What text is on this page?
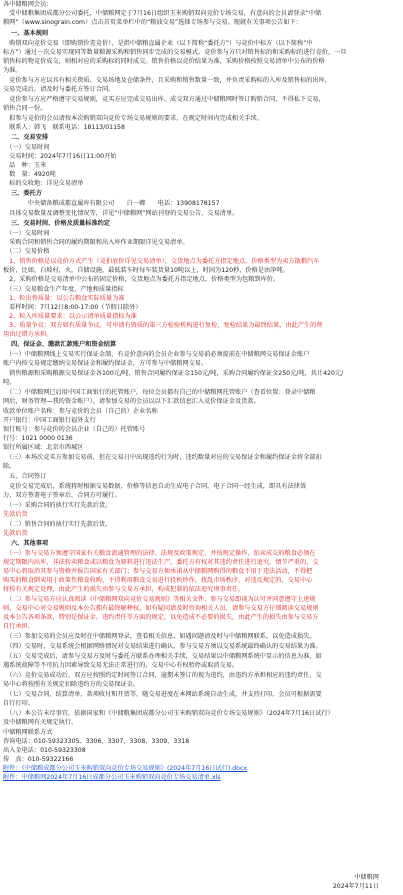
各中储粮网会员：
　受中储粮集团成都分公司委托，中储粮网定于7月16日组织玉米购销双向竞价专场交易，有意向的会员请登录“中储
粮网”（www.sinograin.com）点击首页菜单栏中的“粮油交易”选择专场参与交易。现就有关事项公告如下：
一、基本规则
　购销双向竞价交易（即购销价差竞价），是指中储粮直属企业（以下简称“委托方”）与竞价中标方（以下简称“中
标方”）通过一次交易实现同等数量粮源采购和销售同步完成的交易模式。竞价参与方只对销售标的和采购标的进行竞价，一旦
销售标的物竞价成交，则相对应的采购标的同时成交。销售价格以竞价结果为准，采购价格按照交易清单中公布的价格
为准。
　竞价参与方应以具有相关资质、交易场地及仓储条件，且采购和销售数量一致，并负责采购标的入库及销售标的出库，
交易完成后，请及时与委托方签订合同。
　竞价参与方应严格遵守交易规则，竞买方应完成交易出库，成交双方通过中储粮网时签订购销合同，不得私下交易，
销售合同一份。
　拟参与竞价的会员请按本次购销双向竞价专场交易规则的要求，在规定时间内完成相关手续。
　联系人：韩飞　联系电话：18113/01158
二、交易安排
　（一）交易时间
　交易时间：2024年7月16日11:00开始
　品　种：玉米
　数　量：4920吨
　标的交收地：详见交易清单
三、委托方
　　　　中央储备粮成都直属库有限公司　　白一卿　　电话：13908178157
　具体交易数量及调整变化情况等，详见“中储粮网”网站刊登的交易公告、交易清单。
三、交易时间、价格及质量标准约定
　（一）交易时间
　采购合同和销售合同的履约期限和出入库作业期限详见交易清单。
　（二）交易价格
　1、销售价格是以竞价方式产生（竞拍底价详见交易清单），交货地点为委托方指定地点，价格类型为卖方散粮汽车
板价，比如，白坡村，火，自储设施，最低装车时每车装货量10吨以上，时间为120秒，价格是由净吨。
　2、采购价格是交易清单中公布的固定价格，交货地点为委托方指定地点，价格类型为包粮到库价。
　（三）交易粮食生产年度、产地和质量指标
　1、粒出售质量：以公告粮食实际质量为准
　看样时间：7月12日8:00-17:00（节假日除外）
　2、粒入库质量要求：以公示清单质量指标为准
　3、质量争议：双方如有质量争议，可申请有资质的第三方检验机构进行复检，复检结果为最终结果，由此产生的费
用由过错方承担。
四、保证金、缴款汇款账户和资金结算
　（一）中储粮网线上交易实行保证金制，有竞价意向的会员企业参与交易前必须提前在中储粮网交易保证金账户
账户内按交易规定缴纳交易保证金和履约保证金，方可参与中储粮网交易。
　销售粮源和采购粮源交易保证金各100元/吨，销售合同履约保证金150元/吨，采购合同履约保证金250元/吨，共计420元/
吨。
　（二）中储粮网已启用中国工商银行的托管账户，每位会员都有自己的中储粮网托管账户（查看位置：登录中储粮
网后，财务管理—我的资金账户），请参加交易的会员以以下汇款信息汇入竞价保证金及货款。
收款单位账户名称：参与竞价的会员（自己的）企业名称
开户银行：中国工商银行福外支行
银行账号：参与竞价的会员企业（自己的）托管账号
行号：1021 0000 0136
银行所属区域：北京市西城区
　（三）本场次竞买方参加交易前，但在交易日中出现违约行为时，违约数量对应的交易保证金和履约保证金将全部扣
除。
　五、合同签订
　竞价交易完成后，系统将时根据交易数据，价格等信息自动生成电子合同。电子合同一经生成，即具有法律效
力，双方签署电子签章后，合同方可履行。
　（一）采购合同的执行实行先款后货。
先款后货
　（二）销售合同的执行实行先款后货。
先款后货
六、其他事项
　（一）参与交易方须遵守国家有关粮食流通管理的法律、法规及政策规定，并按规定操作，拍卖成交的粮食必须在
规定期限内出库，非法转卖粮食或以粮食为原料进行违法生产，委托方有权对其违约责任进行追究，情节严重的，交
易中心将取消其参与资格并报告国家有关部门；参与交易方须承诺从中储粮网购得的粮食不用于违法活动，不得把
购买的粮食倒卖用于政策性粮食收购，不得利用粮食交易进行投机炒作，扰乱市场秩序，对违反规定的，交易中心
将按有关规定处理，由此产生的损失由参与交易方承担，构成犯罪的依法追究刑事责任。
　（二）参与交易方应认真阅读《中储粮网双向竞价交易规则》等相关文件，参与交易即视为认可并同意遵守上述规
则，交易中心对交易规则及本公告拥有最终解释权，如有疑问请及时咨询相关人员，请参与交易方仔细阅读交易规则
及本公告各项条款，特别是保证金、违约责任等方面的规定，以免造成不必要的损失，由此产生的损失由参与交易方
自行承担。
　（三）参加交易的会员应及时在中储粮网登录，查看相关信息，如遇问题请及时与中储粮网联系，以免造成损失。
　（四）交易时，交易系统会根据网络情况对交易结果进行确认，参与交易方须以交易系统最终确认的交易结果为准。
　（五）交易完成后，请参与交易方及时与委托方联系办理相关手续，交易结果以中储粮网系统中显示的信息为准，如
遇系统故障等不可抗力因素导致交易无法正常进行的，交易中心有权暂停或取消交易。
　（六）竞价交易成功后，双方应按照约定时间签订合同，逾期未签订的视为违约，由违约方承担相应的违约责任，交
易中心将按照有关规定扣除违约方的交易保证金。
　（七）交易合同，结算清单，款项收付和开票等，随交易进度在本网站系统自动生成，并支持打印，会员可根据需要
自行打印。
　（八）本公告未尽事宜，依据国家和《中储粮集团成都分公司玉米购销双向竞价专场交易规则》（2024年7月16日试行）
及中储粮网有关规定执行。
中储粮网联系方式
咨询电话：010-59323305、3306、3307、3308、3309、3318
出入金电话：010-59323308
传　真：010-59322166
附件：《中储粮成都分公司玉米购销双向竞价专场交易规则》(2024年7月16日试行).docx
附件：中储粮网2024年7月16日成都分公司玉米购销双向竞价专场交易清单.xls
中储粮网
2024年7月11日
